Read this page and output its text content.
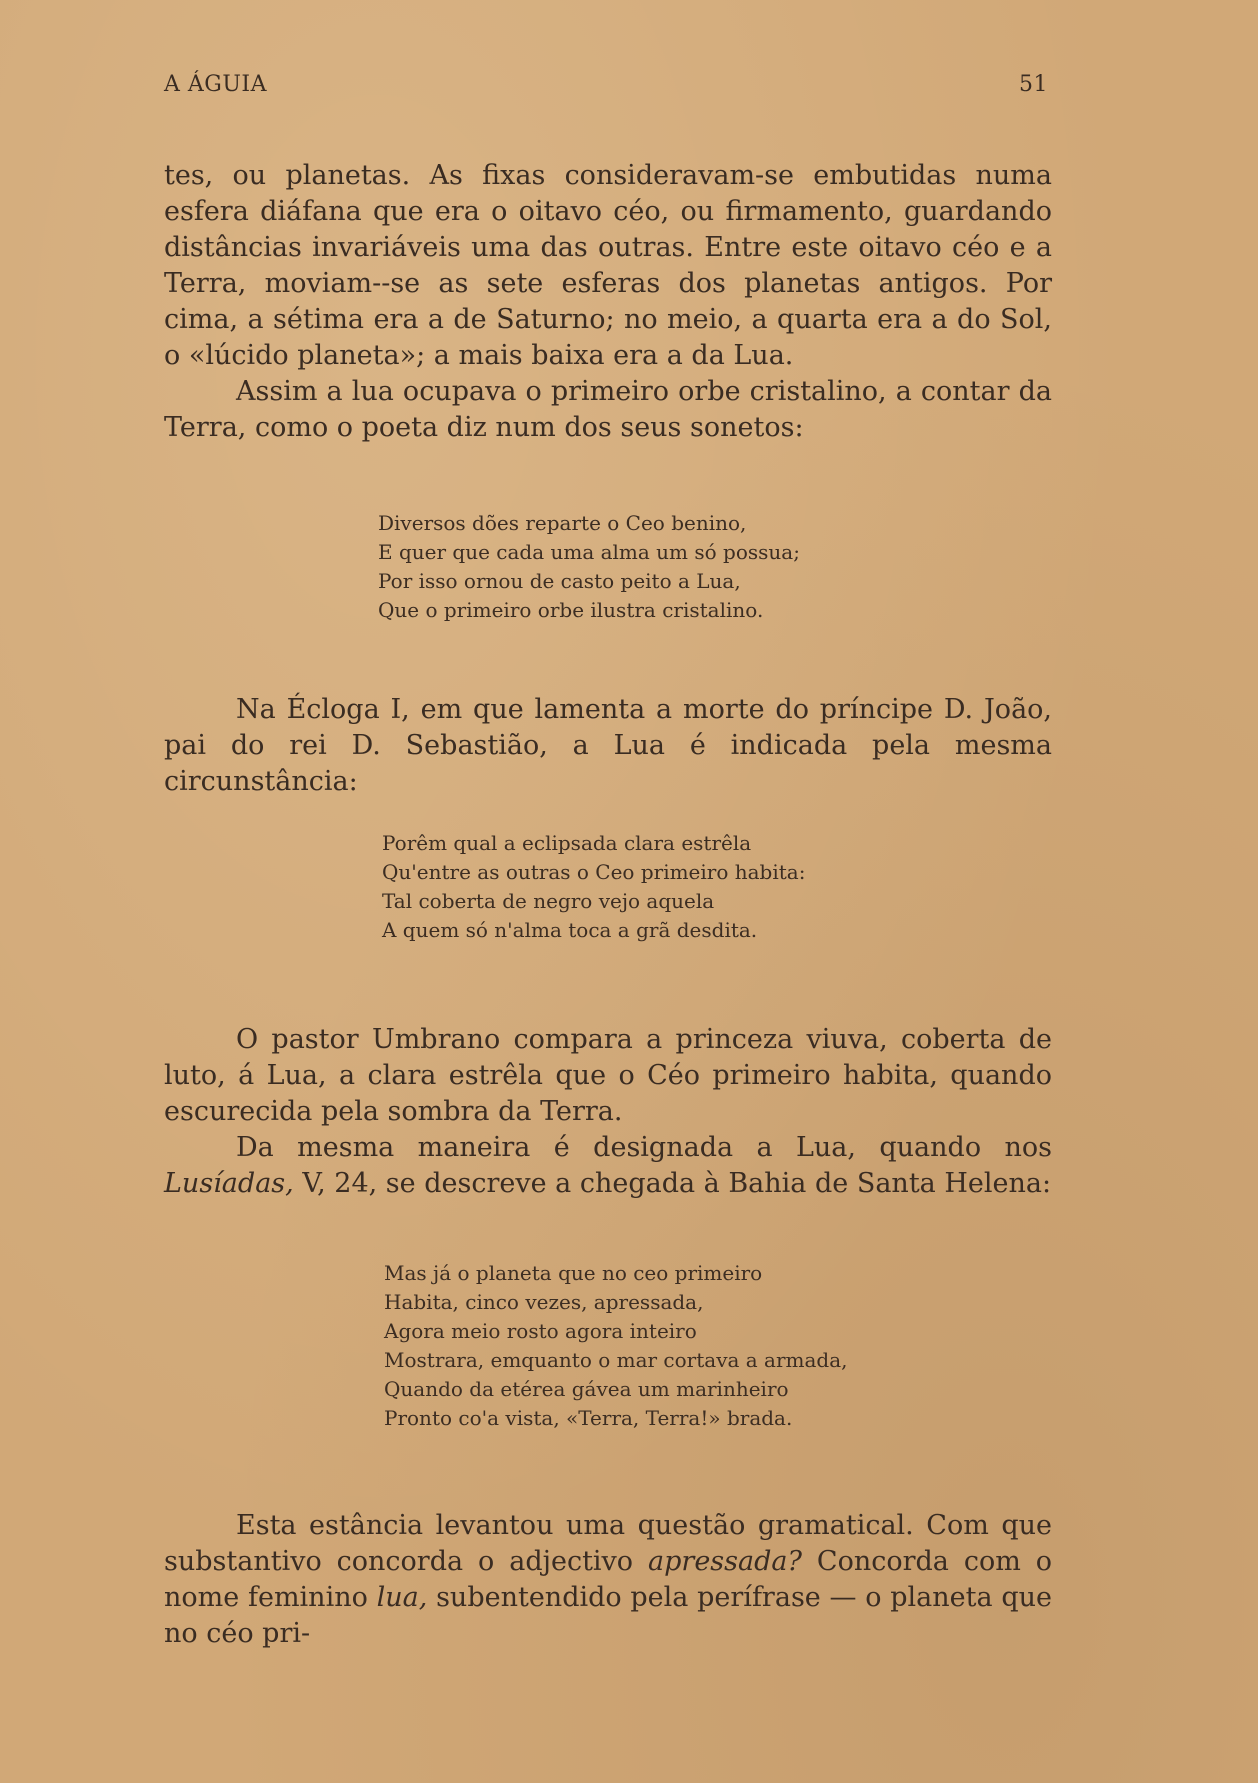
A ÁGUIA	51

tes, ou planetas. As fixas consideravam-se embutidas numa esfera diáfana que era o oitavo céo, ou firmamento, guardando distâncias invariáveis uma das outras. Entre este oitavo céo e a Terra, moviam--se as sete esferas dos planetas antigos. Por cima, a sétima era a de Saturno; no meio, a quarta era a do Sol, o «lúcido planeta»; a mais baixa era a da Lua.

Assim a lua ocupava o primeiro orbe cristalino, a contar da Terra, como o poeta diz num dos seus sonetos:

Diversos dões reparte o Ceo benino,
E quer que cada uma alma um só possua;
Por isso ornou de casto peito a Lua,
Que o primeiro orbe ilustra cristalino.

Na Écloga I, em que lamenta a morte do príncipe D. João, pai do rei D. Sebastião, a Lua é indicada pela mesma circunstância:

Porêm qual a eclipsada clara estrêla
Qu'entre as outras o Ceo primeiro habita:
Tal coberta de negro vejo aquela
A quem só n'alma toca a grã desdita.

O pastor Umbrano compara a princeza viuva, coberta de luto, á Lua, a clara estrêla que o Céo primeiro habita, quando escurecida pela sombra da Terra.

Da mesma maneira é designada a Lua, quando nos Lusíadas, V, 24, se descreve a chegada à Bahia de Santa Helena:

Mas já o planeta que no ceo primeiro
Habita, cinco vezes, apressada,
Agora meio rosto agora inteiro
Mostrara, emquanto o mar cortava a armada,
Quando da etérea gávea um marinheiro
Pronto co'a vista, «Terra, Terra!» brada.

Esta estância levantou uma questão gramatical. Com que substantivo concorda o adjectivo apressada? Concorda com o nome feminino lua, subentendido pela perífrase — o planeta que no céo pri-
